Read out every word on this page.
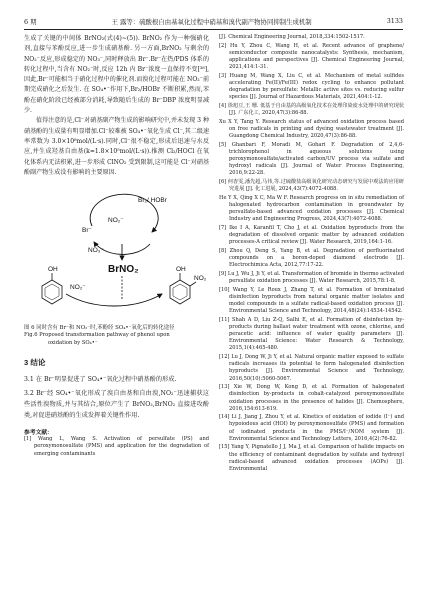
6 期	王 露等：硫酸根自由基氧化过程中硝基和溴代副产物协同抑制生成机制	3133

生成了关键的中间体 BrNO₂(式(4)~(5)). BrNO₂ 作为一种强硝化剂,直接与苯酚反应,进一步生成硝基酚. 另一方面,BrNO₂ 与剩余的 NO₂⁻反应,形成稳定的 NO₃⁻,同时释放出 Br⁻.Br⁻在热/PDS 体系的转化过程中,当含有 NO₂⁻时,反应 12h 内 Br⁻浓度一直保持不变[³⁸],因此,Br⁻可能相当于硝化过程中的催化剂.而溴化过程可能在 NO₂⁻前期完成硝化之后发生. 在 SO₄•⁻作用下,Br₂/HOBr 不断积累,然而,苯酚在硝化阶段已经被部分消耗,导致随后生成的 Br⁻DBP 浓度明显减少.

值得注意的是,Cl⁻对硝基副产物生成的影响研究中,并未发现 3 种硝基酚的生成量有明显增加.Cl⁻较难被 SO₄•⁻氧化生成 Cl⁻,其二级速率常数为 3.0×10⁸mol/(L·s).同时,Cl⁻很不稳定,形成后迅速与水反应,并生成羟基自由基(k=1.8×10⁵mol/(L·s)).推测 Cl₂/HOCl 在氧化体系内无法积累,进一步形成 ClNO₂ 受到限制,这可能是 Cl⁻对硝基酚副产物生成没有影响的主要原因.

Br⁻
Br₂/ HOBr
NO₂⁻
NO₃⁻
BrNO₂
OH
NO₂⁻
OH
NO₂
图 6 同时含有 Br⁻和 NO₂⁻时,苯酚经 SO₄•⁻氧化后的转化途径
Fig.6 Proposed transformation pathway of phenol upon
oxidation by SO₄•⁻
3 结论

3.1 在 Br⁻明显促进了 SO₄•⁻氧化过程中硝基酚的形成.

3.2 Br⁻经 SO₄•⁻氧化形成了溴自由基和自由溴,NO₂⁻迅速捕获这些活性溴物质,并与其结合,原位产生了 BrNO₂,BrNO₂ 直接进攻酚类,对促进硝基酚的生成发挥着关键性作用.

参考文献:

[1] Wang L, Wang S. Activation of persulfate (PS) and peroxymonosulfate (PMS) and application for the degradation of emerging contaminants

[J]. Chemical Engineering Journal, 2018,334:1502-1517.

[2] Hu Y, Zhou C, Wang H, et al. Recent advance of graphene/ semiconductor composite nanocatalysts: Synthesis, mechanism, applications and perspectives [J]. Chemical Engineering Journal, 2021,414:1-31.

[3] Huang M, Wang X, Liu C, et al. Mechanism of metal sulfides accelerating Fe(II)/Fe(III) redox cycling to enhance pollutant degradation by persulfate: Metallic active sites vs. reducing sulfur species [J]. Journal of Hazardous Materials, 2021,404:1-12.

[4] 徐旭豆,王 珊. 低基于自由基的高级氧化技术在处理印染废水处理中的研究现状 [J]. 广东化工, 2020,47(3):86-88.

Xu X Y, Tang Y. Research status of advanced oxidation process based on free radicals in printing and dyeing wastewater treatment [J]. Guangdong Chemical Industry, 2020,47(3):86-88.

[5] Ghanbari F, Moradi M, Gohari F. Degradation of 2,4,6-trichlorophenol in aqueous solutions using peroxymonosulfate/activated carbon/UV process via sulfate and hydroxyl radicals [J]. Journal of Water Process Engineering, 2016,9:22-28.

[6] 何杳雯,潘先超,马伟,等.过硫酸盐高级氧化研究动态研究与发展中观法的应用研究进展 [J]. 化工进展, 2024,43(7):4072-4088.

He Y X, Qing X C, Ma W F. Research progress on in situ remediation of halogenated hydrocarbon contamination in groundwater by persulfate-based advanced oxidation processes [J]. Chemical Industry and Engineering Progress, 2024,43(7):4072-4088.

[7] Ike I A, Karanfil T, Cho J, et al. Oxidation byproducts from the degradation of dissolved organic matter by advanced oxidation processes-A critical review [J]. Water Research, 2019,164:1-16.

[8] Zhou Q, Deng S, Yang B, et al. Degradation of perfluorinated compounds on a boron-doped diamond electrode [J]. Electrochimica Acta, 2012,77:17-22.

[9] Lu J, Wu J, Ji Y, et al. Transformation of bromide in thermo activated persulfate oxidation processes [J]. Water Research, 2015,78:1-8.

[10] Wang Y, Le Roux J, Zhang T, et al. Formation of brominated disinfection byproducts from natural organic matter isolates and model compounds in a sulfate radical-based oxidation process [J]. Environmental Science and Technology, 2014,48(24):14534-14542.

[11] Shah A D, Liu Z-Q, Salhi E, et al. Formation of disinfection by-products during ballast water treatment with ozone, chlorine, and peracetic acid: influence of water quality parameters [J]. Environmental Science: Water Research & Technology, 2015,1(4):465-480.

[12] Lu J, Dong W, Ji Y, et al. Natural organic matter exposed to sulfate radicals increases its potential to form halogenated disinfection byproducts [J]. Environmental Science and Technology, 2016,50(10):5060-5067.

[13] Xie W, Dong W, Kong D, et al. Formation of halogenated disinfection by-products in cobalt-catalyzed peroxymonosulfate oxidation processes in the presence of halides [J]. Chemosphere, 2016,154:613-619.

[14] Li J, Jiang J, Zhou Y, et al. Kinetics of oxidation of iodide (I⁻) and hypoiodous acid (HOI) by peroxymonosulfate (PMS) and formation of iodinated products in the PMS/I⁻/NOM system [J]. Environmental Science and Technology Letters, 2016,4(2):76-82.

[15] Yang Y, Pignatello J J, Ma J, et al. Comparison of halide impacts on the efficiency of contaminant degradation by sulfate and hydroxyl radical-based advanced oxidation processes (AOPs) [J]. Environmental
